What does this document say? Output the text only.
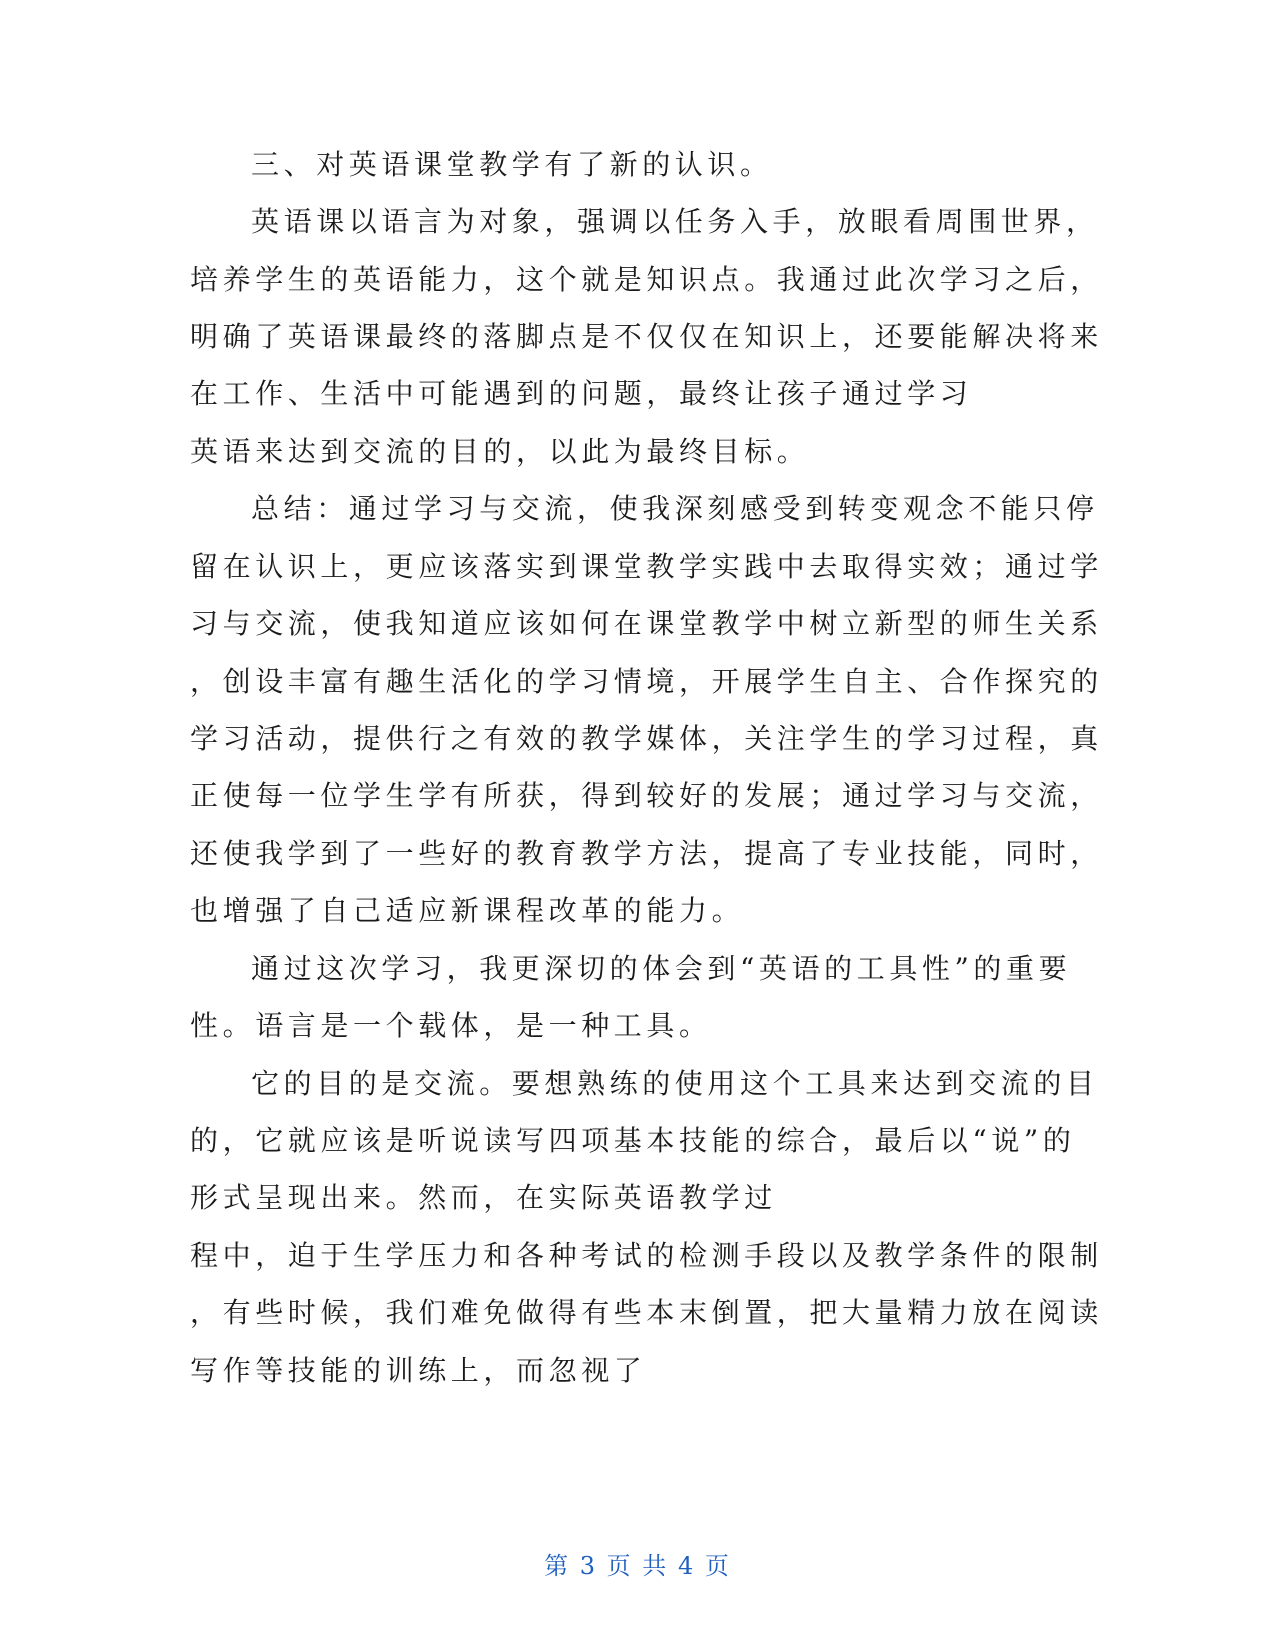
三、对英语课堂教学有了新的认识。
英语课以语言为对象，强调以任务入手，放眼看周围世界，
培养学生的英语能力，这个就是知识点。我通过此次学习之后，
明确了英语课最终的落脚点是不仅仅在知识上，还要能解决将来
在工作、生活中可能遇到的问题，最终让孩子通过学习
英语来达到交流的目的，以此为最终目标。
总结：通过学习与交流，使我深刻感受到转变观念不能只停
留在认识上，更应该落实到课堂教学实践中去取得实效；通过学
习与交流，使我知道应该如何在课堂教学中树立新型的师生关系
，创设丰富有趣生活化的学习情境，开展学生自主、合作探究的
学习活动，提供行之有效的教学媒体，关注学生的学习过程，真
正使每一位学生学有所获，得到较好的发展；通过学习与交流，
还使我学到了一些好的教育教学方法，提高了专业技能，同时，
也增强了自己适应新课程改革的能力。
通过这次学习，我更深切的体会到“英语的工具性”的重要
性。语言是一个载体，是一种工具。
它的目的是交流。要想熟练的使用这个工具来达到交流的目
的，它就应该是听说读写四项基本技能的综合，最后以“说”的
形式呈现出来。然而，在实际英语教学过
程中，迫于生学压力和各种考试的检测手段以及教学条件的限制
，有些时候，我们难免做得有些本末倒置，把大量精力放在阅读
写作等技能的训练上，而忽视了
第 3 页 共 4 页
